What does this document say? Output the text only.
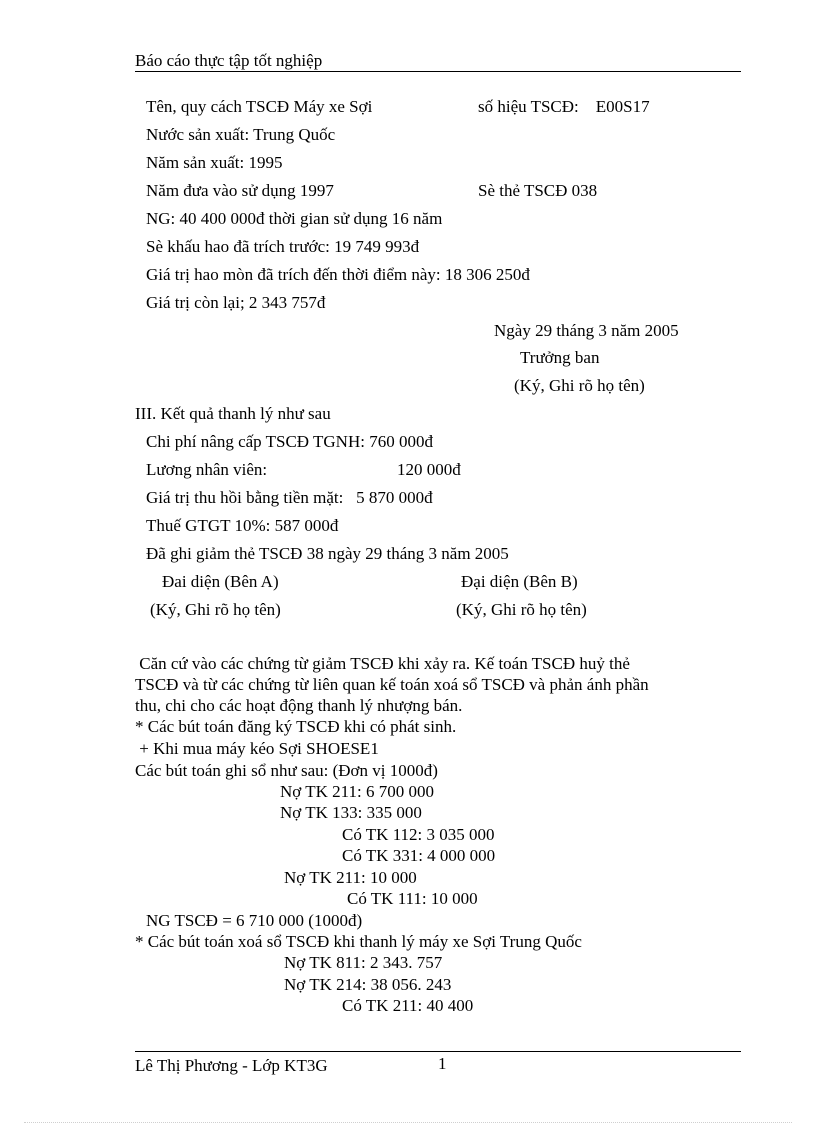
Báo cáo thực tập tốt nghiệp
Tên, quy cách TSCĐ Máy xe Sợi	số hiệu TSCĐ:    E00S17
Nước sản xuất: Trung Quốc
Năm sản xuất: 1995
Năm đưa vào sử dụng 1997	Sè thẻ TSCĐ 038
NG: 40 400 000đ thời gian sử dụng 16 năm
Sè khấu hao đã trích trước: 19 749 993đ
Giá trị hao mòn đã trích đến thời điểm này: 18 306 250đ
Giá trị còn lại; 2 343 757đ
Ngày 29 tháng 3 năm 2005
Trưởng ban
(Ký, Ghi rõ họ tên)
III. Kết quả thanh lý như sau
Chi phí nâng cấp TSCĐ TGNH: 760 000đ
Lương nhân viên:	120 000đ
Giá trị thu hồi bằng tiền mặt:   5 870 000đ
Thuế GTGT 10%: 587 000đ
Đã ghi giảm thẻ TSCĐ 38 ngày 29 tháng 3 năm 2005
Đai diện (Bên A)	Đại diện (Bên B)
(Ký, Ghi rõ họ tên)	(Ký, Ghi rõ họ tên)
Căn cứ vào các chứng từ giảm TSCĐ khi xảy ra. Kế toán TSCĐ huỷ thẻ
TSCĐ và từ các chứng từ liên quan kế toán xoá sổ TSCĐ và phản ánh phần
thu, chi cho các hoạt động thanh lý nhượng bán.
* Các bút toán đăng ký TSCĐ khi có phát sinh.
+ Khi mua máy kéo Sợi SHOESE1
Các bút toán ghi sổ như sau: (Đơn vị 1000đ)
Nợ TK 211: 6 700 000
Nợ TK 133: 335 000
Có TK 112: 3 035 000
Có TK 331: 4 000 000
Nợ TK 211: 10 000
Có TK 111: 10 000
NG TSCĐ = 6 710 000 (1000đ)
* Các bút toán xoá sổ TSCĐ khi thanh lý máy xe Sợi Trung Quốc
Nợ TK 811: 2 343. 757
Nợ TK 214: 38 056. 243
Có TK 211: 40 400
Lê Thị Phương - Lớp KT3G	1
